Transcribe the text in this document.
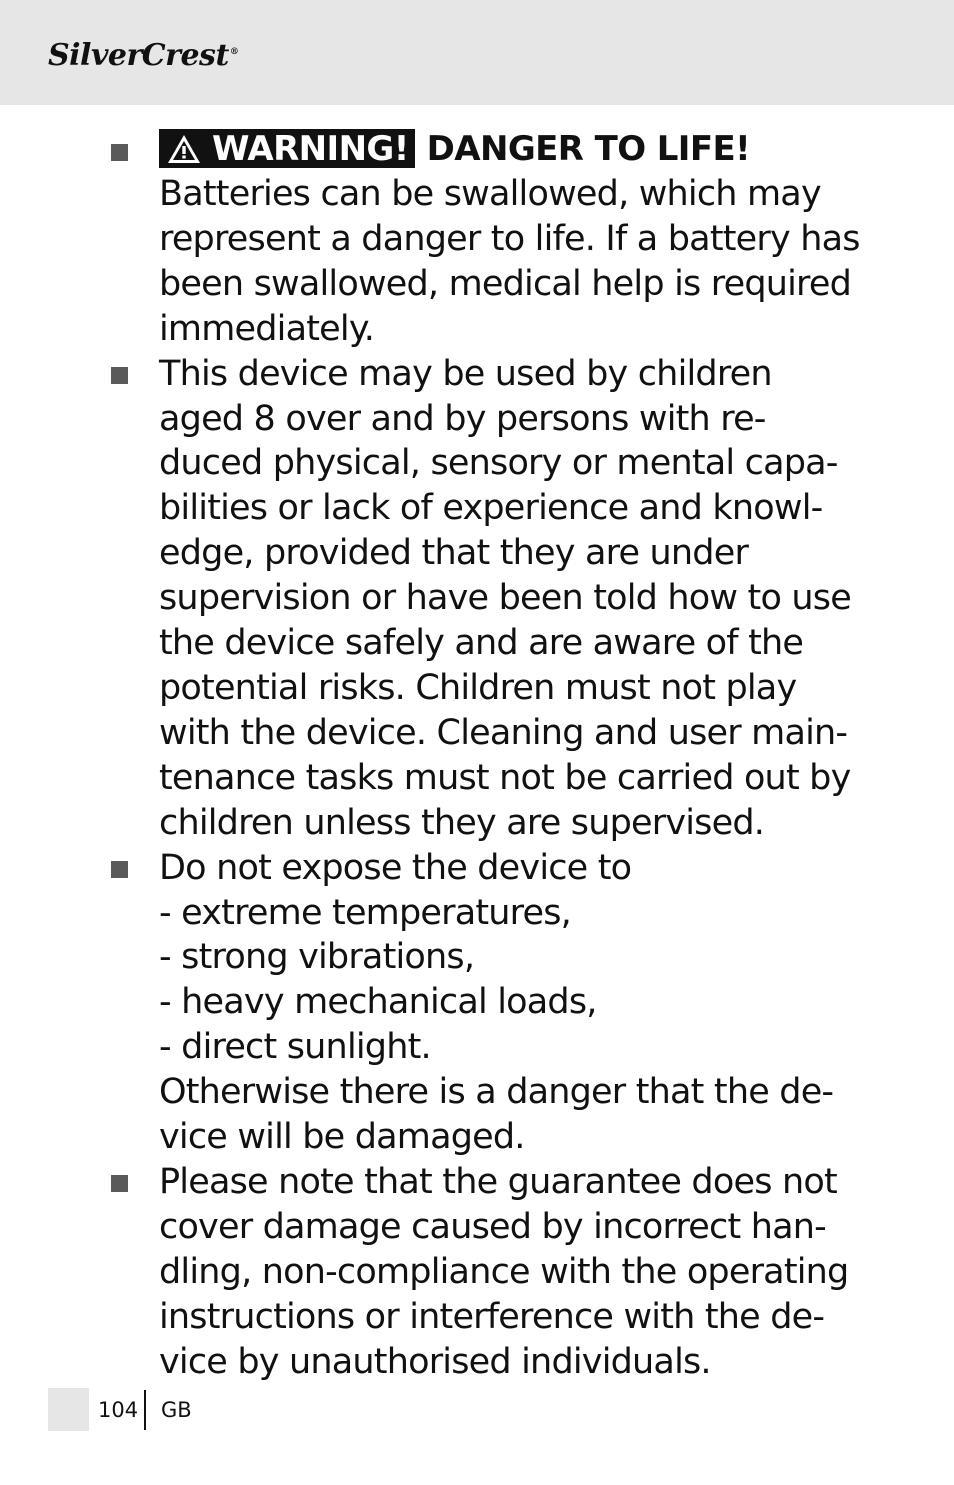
SilverCrest®
WARNING! DANGER TO LIFE!
Batteries can be swallowed, which may
represent a danger to life. If a battery has
been swallowed, medical help is required
immediately.
This device may be used by children
aged 8 over and by persons with re-
duced physical, sensory or mental capa-
bilities or lack of experience and knowl-
edge, provided that they are under
supervision or have been told how to use
the device safely and are aware of the
potential risks. Children must not play
with the device. Cleaning and user main-
tenance tasks must not be carried out by
children unless they are supervised.
Do not expose the device to
- extreme temperatures,
- strong vibrations,
- heavy mechanical loads,
- direct sunlight.
Otherwise there is a danger that the de-
vice will be damaged.
Please note that the guarantee does not
cover damage caused by incorrect han-
dling, non-compliance with the operating
instructions or interference with the de-
vice by unauthorised individuals.
104 GB
